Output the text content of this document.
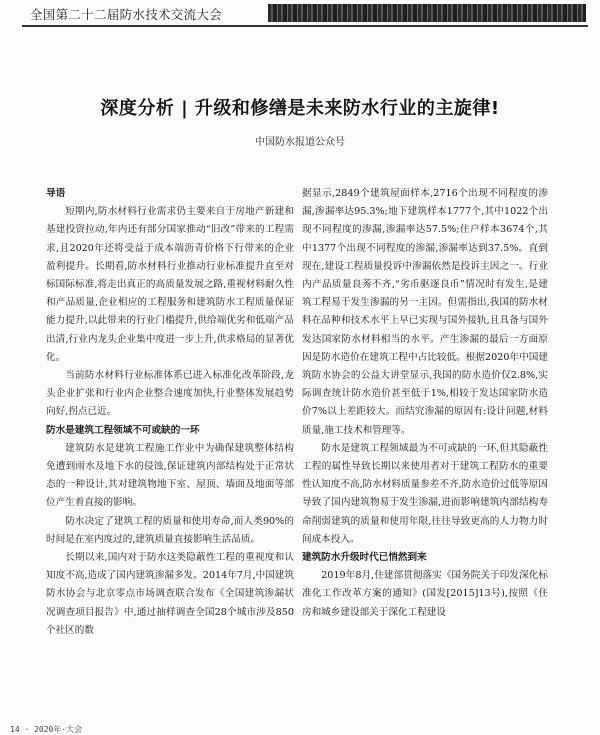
全国第二十二届防水技术交流大会
深度分析 | 升级和修缮是未来防水行业的主旋律!
中国防水报道公众号

导语

短期内,防水材料行业需求仍主要来自于房地产新建和基建投资拉动,年内还有部分国家推动“旧改”带来的工程需求,且2020年还将受益于成本端沥青价格下行带来的企业盈利提升。长期看,防水材料行业推动行业标准提升直至对标国际标准,将走出真正的高质量发展之路,重视材料耐久性和产品质量,企业相应的工程服务和建筑防水工程质量保证能力提升,以此带来的行业门槛提升,供给端优劣和低端产品出清,行业内龙头企业集中度进一步上升,供求格局的显著优化。

当前防水材料行业标准体系已进入标准化改革阶段,龙头企业扩张和行业内企业整合速度加快,行业整体发展趋势向好,拐点已近。

防水是建筑工程领域不可或缺的一环

建筑防水是建筑工程施工作业中为确保建筑整体结构免遭到雨水及地下水的侵蚀,保证建筑内部结构处于正常状态的一种设计,其对建筑物地下室、屋顶、墙面及地面等部位产生着直接的影响。

防水决定了建筑工程的质量和使用寿命,而人类90%的时间是在室内度过的,建筑质量直接影响生活品质。

长期以来,国内对于防水这类隐蔽性工程的重视度和认知度不高,造成了国内建筑渗漏多发。2014年7月,中国建筑防水协会与北京零点市场调查联合发布《全国建筑渗漏状况调查项目报告》中,通过抽样调查全国28个城市涉及850个社区的数

据显示,2849个建筑屋面样本,2716个出现不同程度的渗漏,渗漏率达95.3%;地下建筑样本1777个,其中1022个出现不同程度的渗漏,渗漏率达57.5%;住户样本3674个,其中1377个出现不同程度的渗漏,渗漏率达到37.5%。直到现在,建设工程质量投诉中渗漏依然是投诉主因之一。行业内产品质量良莠不齐,“劣币驱逐良币”情况时有发生,是建筑工程易于发生渗漏的另一主因。但需指出,我国的防水材料在品种和技术水平上早已实现与国外接轨,且具备与国外发达国家防水材料相当的水平。产生渗漏的最后一方面原因是防水造价在建筑工程中占比较低。根据2020年中国建筑防水协会的公益大讲堂显示,我国的防水造价仅2.8%,实际调查统计防水造价甚至低于1%,相较于发达国家防水造价7%以上差距较大。而结究渗漏的原因有:设计问题,材料质量,施工技术和管理等。

防水是建筑工程领域最为不可或缺的一环,但其隐蔽性工程的属性导致长期以来使用者对于建筑工程防水的重要性认知度不高,防水材料质量参差不齐,防水造价过低等原因导致了国内建筑物易于发生渗漏,进而影响建筑内部结构寿命削弱建筑的质量和使用年限,往往导致更高的人力物力时间成本投入。

建筑防水升级时代已悄然到来

2019年8月,住建部贯彻落实《国务院关于印发深化标准化工作改革方案的通知》(国发[2015]13号),按照《住房和城乡建设部关于深化工程建设

14 · 2020年·大会
